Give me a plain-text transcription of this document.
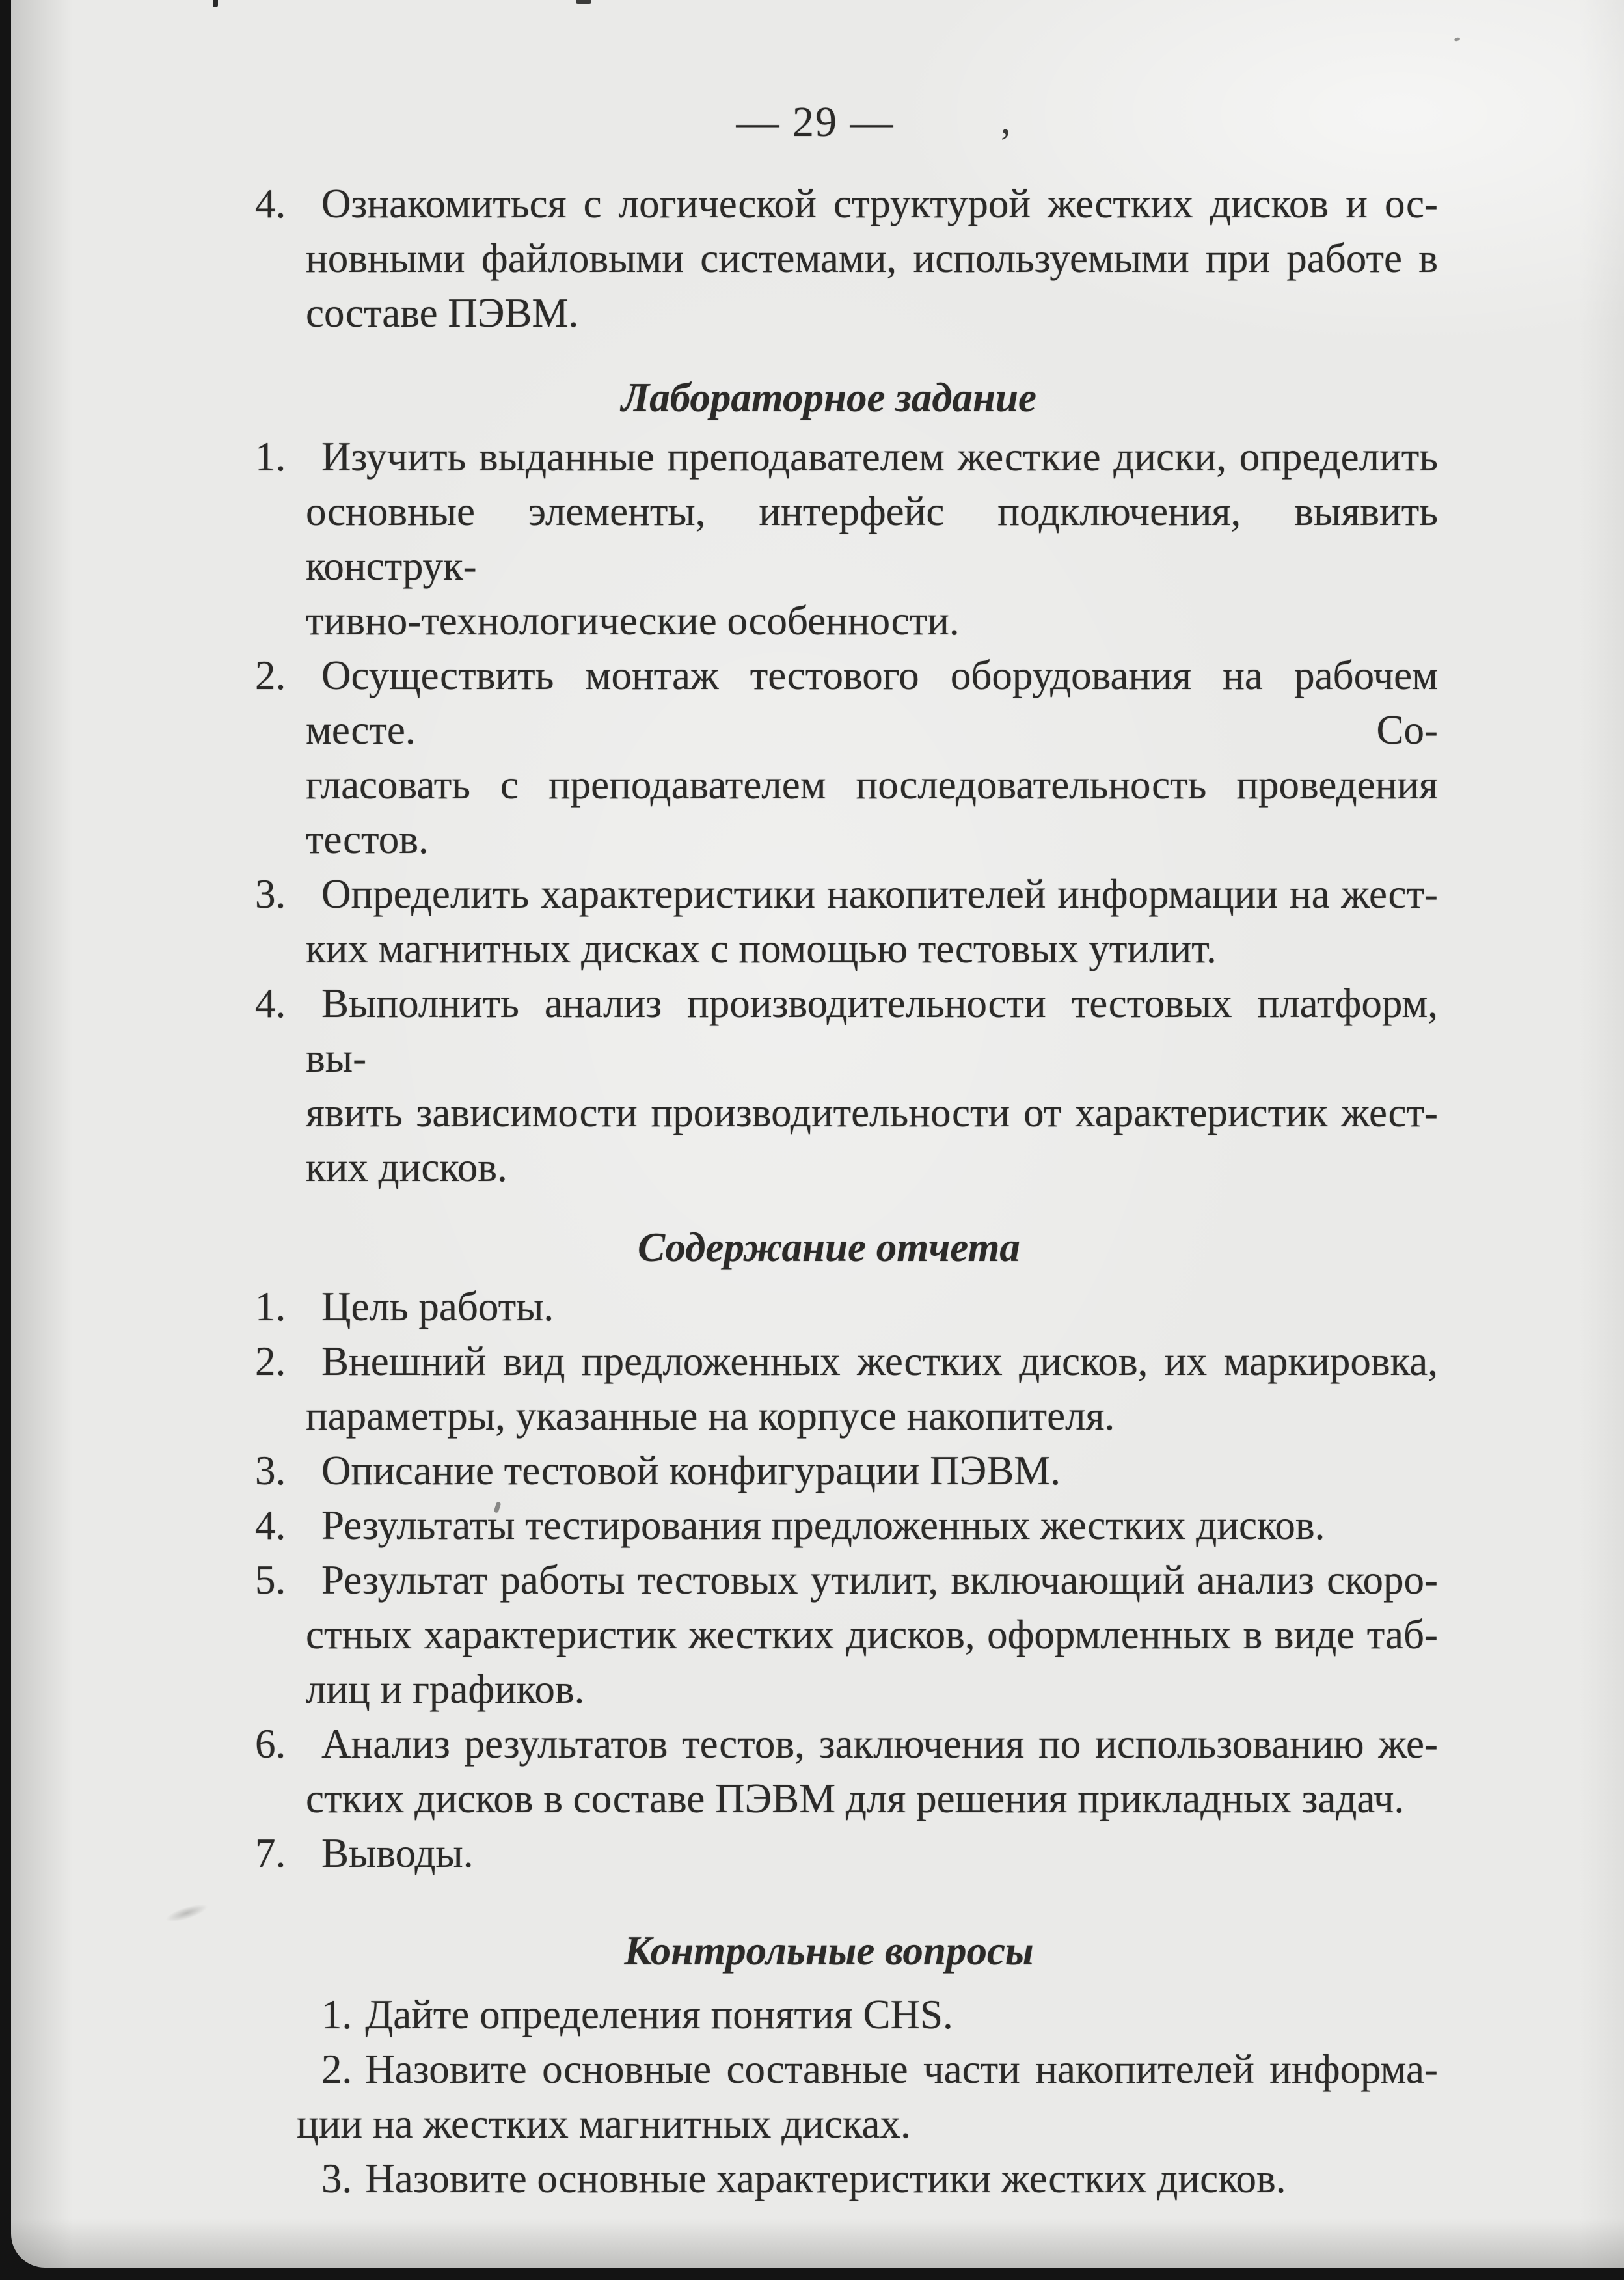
,
— 29 —
4. Ознакомиться с логической структурой жестких дисков и ос-
новными файловыми системами, используемыми при работе в
составе ПЭВМ.
Лабораторное задание
1. Изучить выданные преподавателем жесткие диски, определить
основные элементы, интерфейс подключения, выявить конструк-
тивно-технологические особенности.
2. Осуществить монтаж тестового оборудования на рабочем месте. Со-
гласовать с преподавателем последовательность проведения тестов.
3. Определить характеристики накопителей информации на жест-
ких магнитных дисках с помощью тестовых утилит.
4. Выполнить анализ производительности тестовых платформ, вы-
явить зависимости производительности от характеристик жест-
ких дисков.
Содержание отчета
1. Цель работы.
2. Внешний вид предложенных жестких дисков, их маркировка,
параметры, указанные на корпусе накопителя.
3. Описание тестовой конфигурации ПЭВМ.
4. Результаты тестирования предложенных жестких дисков.
5. Результат работы тестовых утилит, включающий анализ скоро-
стных характеристик жестких дисков, оформленных в виде таб-
лиц и графиков.
6. Анализ результатов тестов, заключения по использованию же-
стких дисков в составе ПЭВМ для решения прикладных задач.
7. Выводы.
Контрольные вопросы
1. Дайте определения понятия CHS.
2. Назовите основные составные части накопителей информа-
ции на жестких магнитных дисках.
3. Назовите основные характеристики жестких дисков.
